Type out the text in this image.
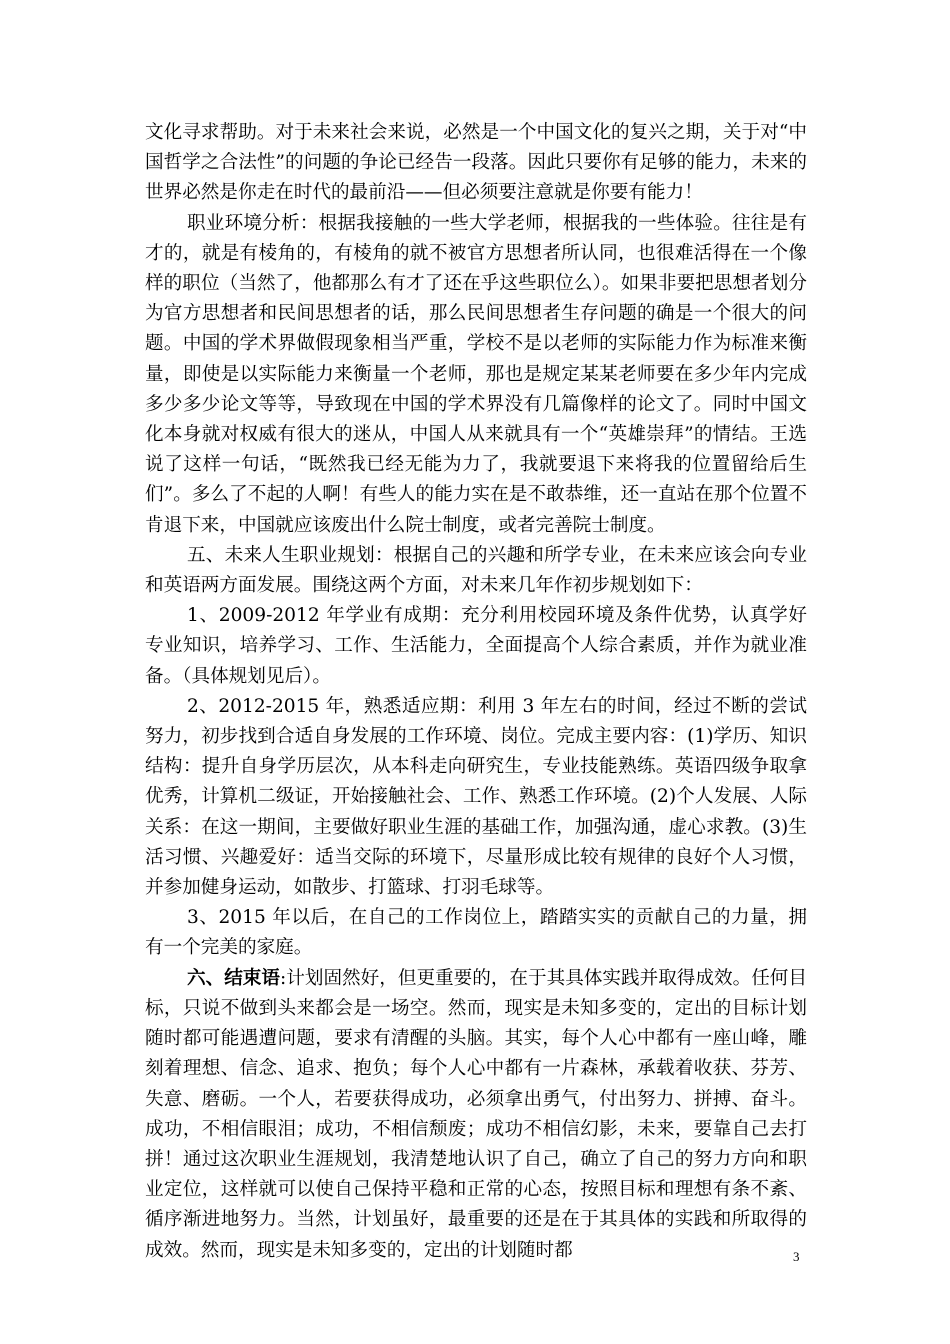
文化寻求帮助。对于未来社会来说，必然是一个中国文化的复兴之期，关于对“中国哲学之合法性”的问题的争论已经告一段落。因此只要你有足够的能力，未来的世界必然是你走在时代的最前沿——但必须要注意就是你要有能力！

职业环境分析：根据我接触的一些大学老师，根据我的一些体验。往往是有才的，就是有棱角的，有棱角的就不被官方思想者所认同，也很难活得在一个像样的职位（当然了，他都那么有才了还在乎这些职位么）。如果非要把思想者划分为官方思想者和民间思想者的话，那么民间思想者生存问题的确是一个很大的问题。中国的学术界做假现象相当严重，学校不是以老师的实际能力作为标准来衡量，即使是以实际能力来衡量一个老师，那也是规定某某老师要在多少年内完成多少多少论文等等，导致现在中国的学术界没有几篇像样的论文了。同时中国文化本身就对权威有很大的迷从，中国人从来就具有一个“英雄崇拜”的情结。王选说了这样一句话，“既然我已经无能为力了，我就要退下来将我的位置留给后生们”。多么了不起的人啊！有些人的能力实在是不敢恭维，还一直站在那个位置不肯退下来，中国就应该废出什么院士制度，或者完善院士制度。

五、未来人生职业规划：根据自己的兴趣和所学专业，在未来应该会向专业和英语两方面发展。围绕这两个方面，对未来几年作初步规划如下：

1、2009-2012 年学业有成期：充分利用校园环境及条件优势，认真学好专业知识，培养学习、工作、生活能力，全面提高个人综合素质，并作为就业准备。（具体规划见后）。

2、2012-2015 年，熟悉适应期：利用 3 年左右的时间，经过不断的尝试努力，初步找到合适自身发展的工作环境、岗位。完成主要内容：(1)学历、知识结构：提升自身学历层次，从本科走向研究生，专业技能熟练。英语四级争取拿优秀，计算机二级证，开始接触社会、工作、熟悉工作环境。(2)个人发展、人际关系：在这一期间，主要做好职业生涯的基础工作，加强沟通，虚心求教。(3)生活习惯、兴趣爱好：适当交际的环境下，尽量形成比较有规律的良好个人习惯，并参加健身运动，如散步、打篮球、打羽毛球等。

3、2015 年以后，在自己的工作岗位上，踏踏实实的贡献自己的力量，拥有一个完美的家庭。

六、结束语:计划固然好，但更重要的，在于其具体实践并取得成效。任何目标，只说不做到头来都会是一场空。然而，现实是未知多变的，定出的目标计划随时都可能遇遭问题，要求有清醒的头脑。其实，每个人心中都有一座山峰，雕刻着理想、信念、追求、抱负；每个人心中都有一片森林，承载着收获、芬芳、失意、磨砺。一个人，若要获得成功，必须拿出勇气，付出努力、拼搏、奋斗。成功，不相信眼泪；成功，不相信颓废；成功不相信幻影，未来，要靠自己去打拼！通过这次职业生涯规划，我清楚地认识了自己，确立了自己的努力方向和职业定位，这样就可以使自己保持平稳和正常的心态，按照目标和理想有条不紊、循序渐进地努力。当然，计划虽好，最重要的还是在于其具体的实践和所取得的成效。然而，现实是未知多变的，定出的计划随时都	3
